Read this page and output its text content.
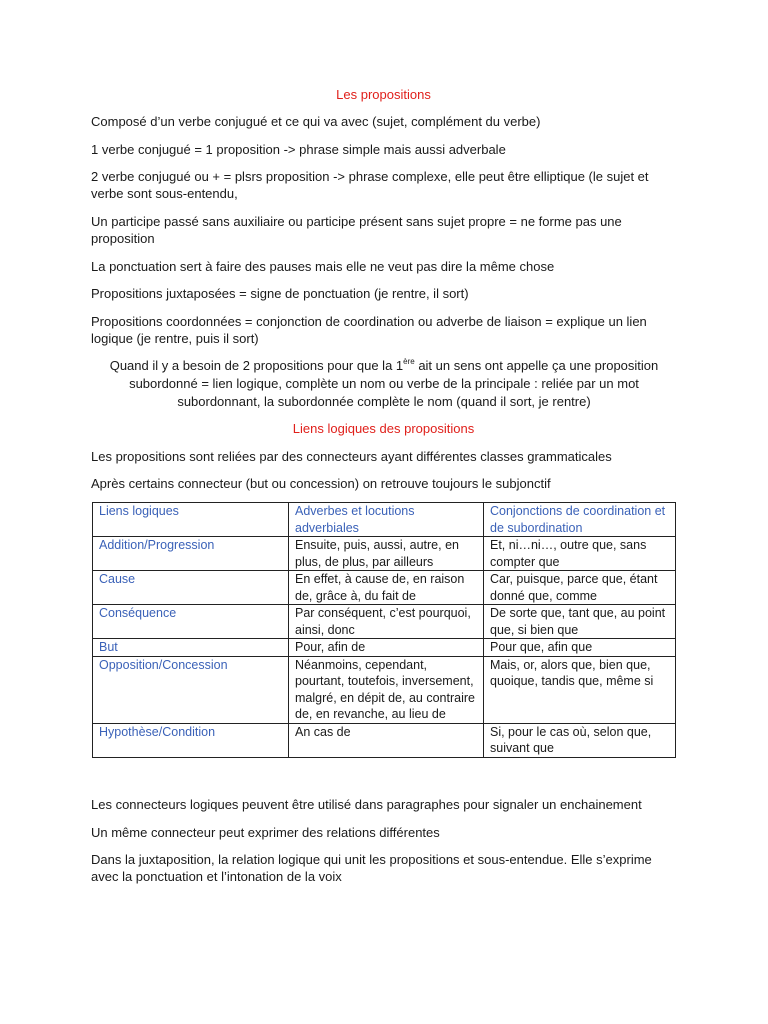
Les propositions

Composé d’un verbe conjugué et ce qui va avec (sujet, complément du verbe)

1 verbe conjugué = 1 proposition -> phrase simple mais aussi adverbale

2 verbe conjugué ou + = plsrs proposition -> phrase complexe, elle peut être elliptique (le sujet et verbe sont sous-entendu,

Un participe passé sans auxiliaire ou participe présent sans sujet propre = ne forme pas une proposition

La ponctuation sert à faire des pauses mais elle ne veut pas dire la même chose

Propositions juxtaposées = signe de ponctuation (je rentre, il sort)

Propositions coordonnées = conjonction de coordination ou adverbe de liaison = explique un lien logique (je rentre, puis il sort)

Quand il y a besoin de 2 propositions pour que la 1ère ait un sens ont appelle ça une proposition subordonné = lien logique, complète un nom ou verbe de la principale : reliée par un mot subordonnant, la subordonnée complète le nom (quand il sort, je rentre)

Liens logiques des propositions

Les propositions sont reliées par des connecteurs ayant différentes classes grammaticales

Après certains connecteur (but ou concession) on retrouve toujours le subjonctif

Liens logiques	Adverbes et locutions adverbiales	Conjonctions de coordination et de subordination
Addition/Progression	Ensuite, puis, aussi, autre, en plus, de plus, par ailleurs	Et, ni…ni…, outre que, sans compter que
Cause	En effet, à cause de, en raison de, grâce à, du fait de	Car, puisque, parce que, étant donné que, comme
Conséquence	Par conséquent, c’est pourquoi, ainsi, donc	De sorte que, tant que, au point que, si bien que
But	Pour, afin de	Pour que, afin que
Opposition/Concession	Néanmoins, cependant, pourtant, toutefois, inversement, malgré, en dépit de, au contraire de, en revanche, au lieu de	Mais, or, alors que, bien que, quoique, tandis que, même si
Hypothèse/Condition	An cas de	Si, pour le cas où, selon que, suivant que

Les connecteurs logiques peuvent être utilisé dans paragraphes pour signaler un enchainement

Un même connecteur peut exprimer des relations différentes

Dans la juxtaposition, la relation logique qui unit les propositions et sous-entendue. Elle s’exprime avec la ponctuation et l’intonation de la voix
